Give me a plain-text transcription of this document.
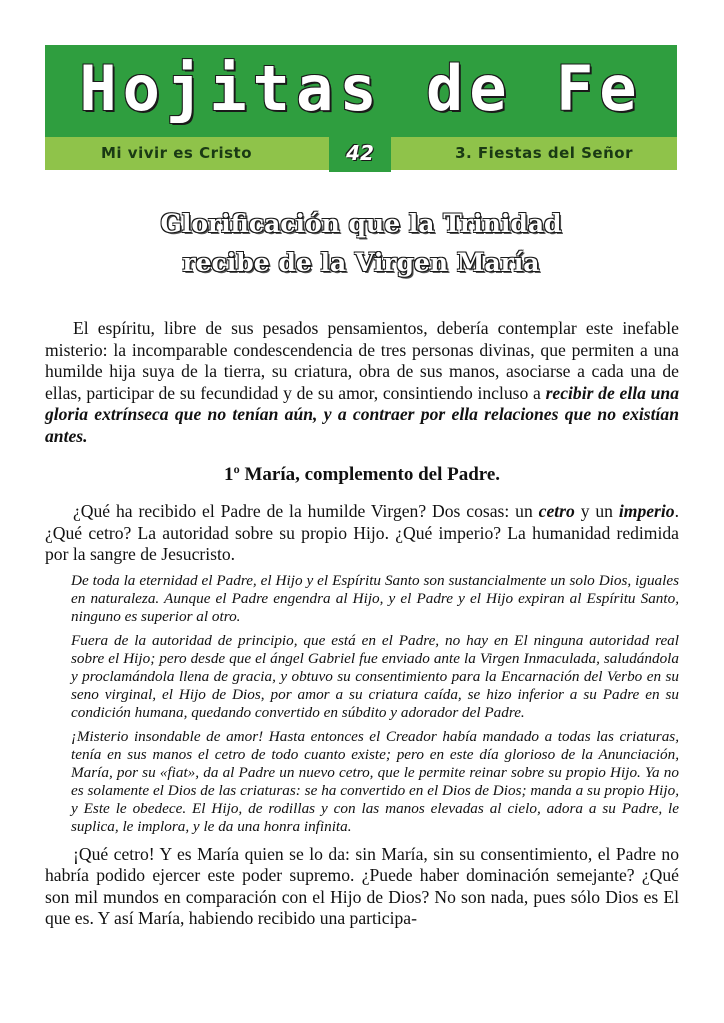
Hojitas de Fe
Mi vivir es Cristo	42	3. Fiestas del Señor
Glorificación que la Trinidad
recibe de la Virgen María

El espíritu, libre de sus pesados pensamientos, debería contemplar este inefable misterio: la incomparable condescendencia de tres personas divinas, que permiten a una humilde hija suya de la tierra, su criatura, obra de sus manos, asociarse a cada una de ellas, participar de su fecundidad y de su amor, consintiendo incluso a recibir de ella una gloria extrínseca que no tenían aún, y a contraer por ella relaciones que no existían antes.

1º María, complemento del Padre.

¿Qué ha recibido el Padre de la humilde Virgen? Dos cosas: un cetro y un imperio. ¿Qué cetro? La autoridad sobre su propio Hijo. ¿Qué imperio? La humanidad redimida por la sangre de Jesucristo.

De toda la eternidad el Padre, el Hijo y el Espíritu Santo son sustancialmente un solo Dios, iguales en naturaleza. Aunque el Padre engendra al Hijo, y el Padre y el Hijo expiran al Espíritu Santo, ninguno es superior al otro.

Fuera de la autoridad de principio, que está en el Padre, no hay en El ninguna autoridad real sobre el Hijo; pero desde que el ángel Gabriel fue enviado ante la Virgen Inmaculada, saludándola y proclamándola llena de gracia, y obtuvo su consentimiento para la Encarnación del Verbo en su seno virginal, el Hijo de Dios, por amor a su criatura caída, se hizo inferior a su Padre en su condición humana, quedando convertido en súbdito y adorador del Padre.

¡Misterio insondable de amor! Hasta entonces el Creador había mandado a todas las criaturas, tenía en sus manos el cetro de todo cuanto existe; pero en este día glorioso de la Anunciación, María, por su «fiat», da al Padre un nuevo cetro, que le permite reinar sobre su propio Hijo. Ya no es solamente el Dios de las criaturas: se ha convertido en el Dios de Dios; manda a su propio Hijo, y Este le obedece. El Hijo, de rodillas y con las manos elevadas al cielo, adora a su Padre, le suplica, le implora, y le da una honra infinita.

¡Qué cetro! Y es María quien se lo da: sin María, sin su consentimiento, el Padre no habría podido ejercer este poder supremo. ¿Puede haber dominación semejante? ¿Qué son mil mundos en comparación con el Hijo de Dios? No son nada, pues sólo Dios es El que es. Y así María, habiendo recibido una participa-
